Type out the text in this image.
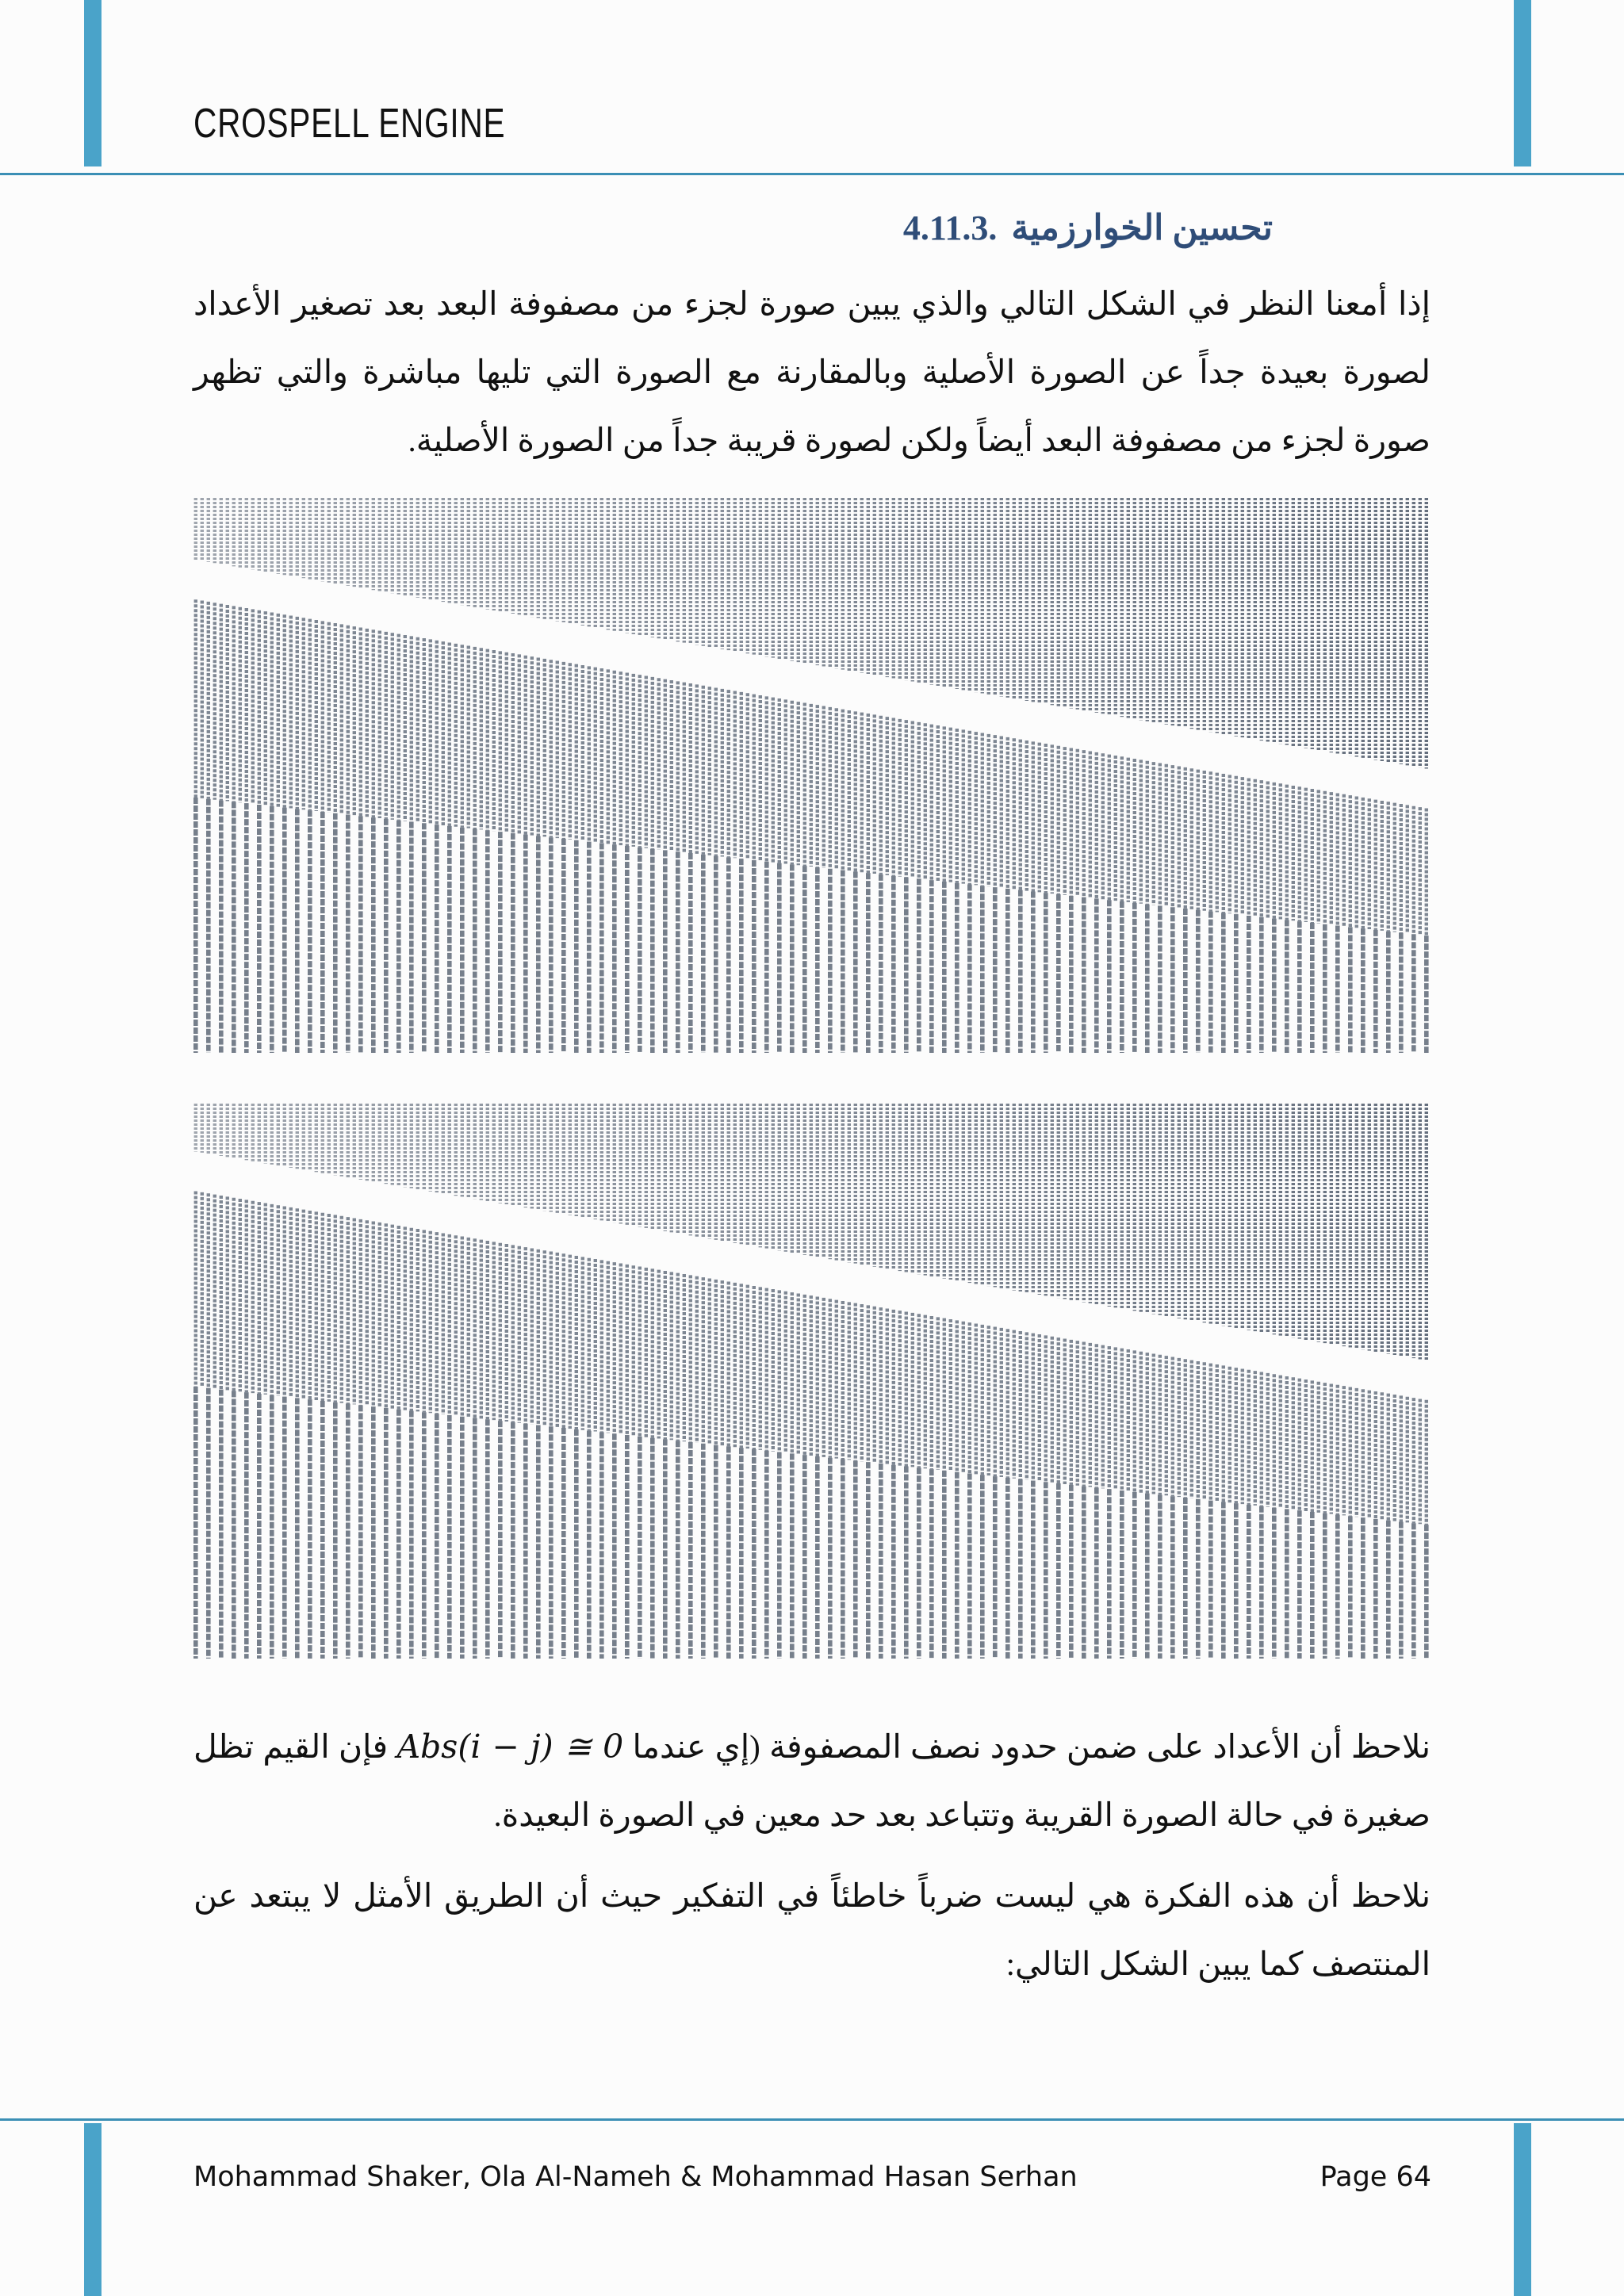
CROSPELL ENGINE
تحسين الخوارزمية.4.11.3
إذا أمعنا النظر في الشكل التالي والذي يبين صورة لجزء من مصفوفة البعد بعد تصغير الأعداد لصورة بعيدة جداً عن الصورة الأصلية وبالمقارنة مع الصورة التي تليها مباشرة والتي تظهر صورة لجزء من مصفوفة البعد أيضاً ولكن لصورة قريبة جداً من الصورة الأصلية.
نلاحظ أن الأعداد على ضمن حدود نصف المصفوفة (إي عندما Abs(i − j) ≅ 0 فإن القيم تظل صغيرة في حالة الصورة القريبة وتتباعد بعد حد معين في الصورة البعيدة.
نلاحظ أن هذه الفكرة هي ليست ضرباً خاطئاً في التفكير حيث أن الطريق الأمثل لا يبتعد عن المنتصف كما يبين الشكل التالي:
Mohammad Shaker, Ola Al-Nameh & Mohammad Hasan Serhan	Page 64
